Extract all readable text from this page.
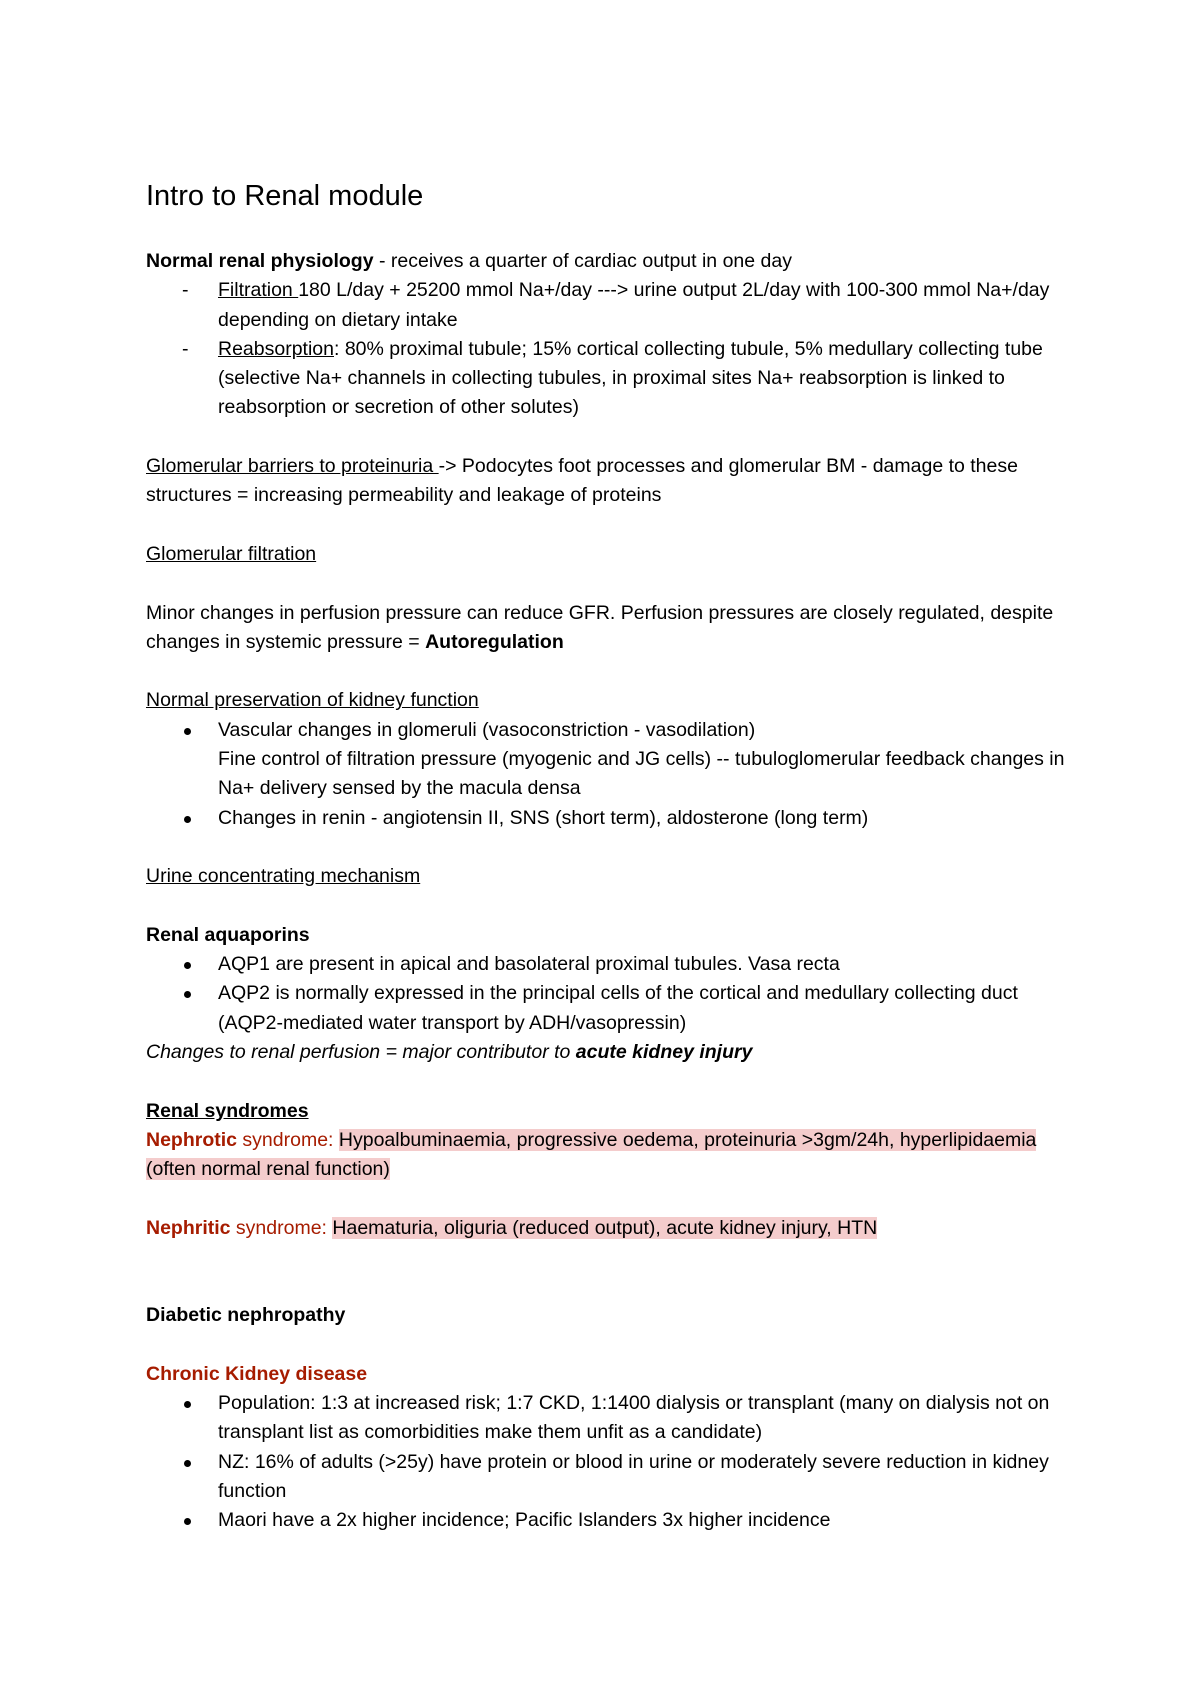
Intro to Renal module

Normal renal physiology - receives a quarter of cardiac output in one day

-
Filtration 180 L/day + 25200 mmol Na+/day ---> urine output 2L/day with 100-300 mmol Na+/day depending on dietary intake
-
Reabsorption: 80% proximal tubule; 15% cortical collecting tubule, 5% medullary collecting tube (selective Na+ channels in collecting tubules, in proximal sites Na+ reabsorption is linked to reabsorption or secretion of other solutes)

Glomerular barriers to proteinuria -> Podocytes foot processes and glomerular BM - damage to these structures = increasing permeability and leakage of proteins

Glomerular filtration

Minor changes in perfusion pressure can reduce GFR. Perfusion pressures are closely regulated, despite changes in systemic pressure = Autoregulation

Normal preservation of kidney function

Vascular changes in glomeruli (vasoconstriction - vasodilation)
Fine control of filtration pressure (myogenic and JG cells) -- tubuloglomerular feedback changes in Na+ delivery sensed by the macula densa
Changes in renin - angiotensin II, SNS (short term), aldosterone (long term)

Urine concentrating mechanism

Renal aquaporins

AQP1 are present in apical and basolateral proximal tubules. Vasa recta
AQP2 is normally expressed in the principal cells of the cortical and medullary collecting duct (AQP2-mediated water transport by ADH/vasopressin)

Changes to renal perfusion = major contributor to acute kidney injury

Renal syndromes

Nephrotic syndrome: Hypoalbuminaemia, progressive oedema, proteinuria >3gm/24h, hyperlipidaemia (often normal renal function)

Nephritic syndrome: Haematuria, oliguria (reduced output), acute kidney injury, HTN

Diabetic nephropathy

Chronic Kidney disease

Population: 1:3 at increased risk; 1:7 CKD, 1:1400 dialysis or transplant (many on dialysis not on transplant list as comorbidities make them unfit as a candidate)
NZ: 16% of adults (>25y) have protein or blood in urine or moderately severe reduction in kidney function
Maori have a 2x higher incidence; Pacific Islanders 3x higher incidence
